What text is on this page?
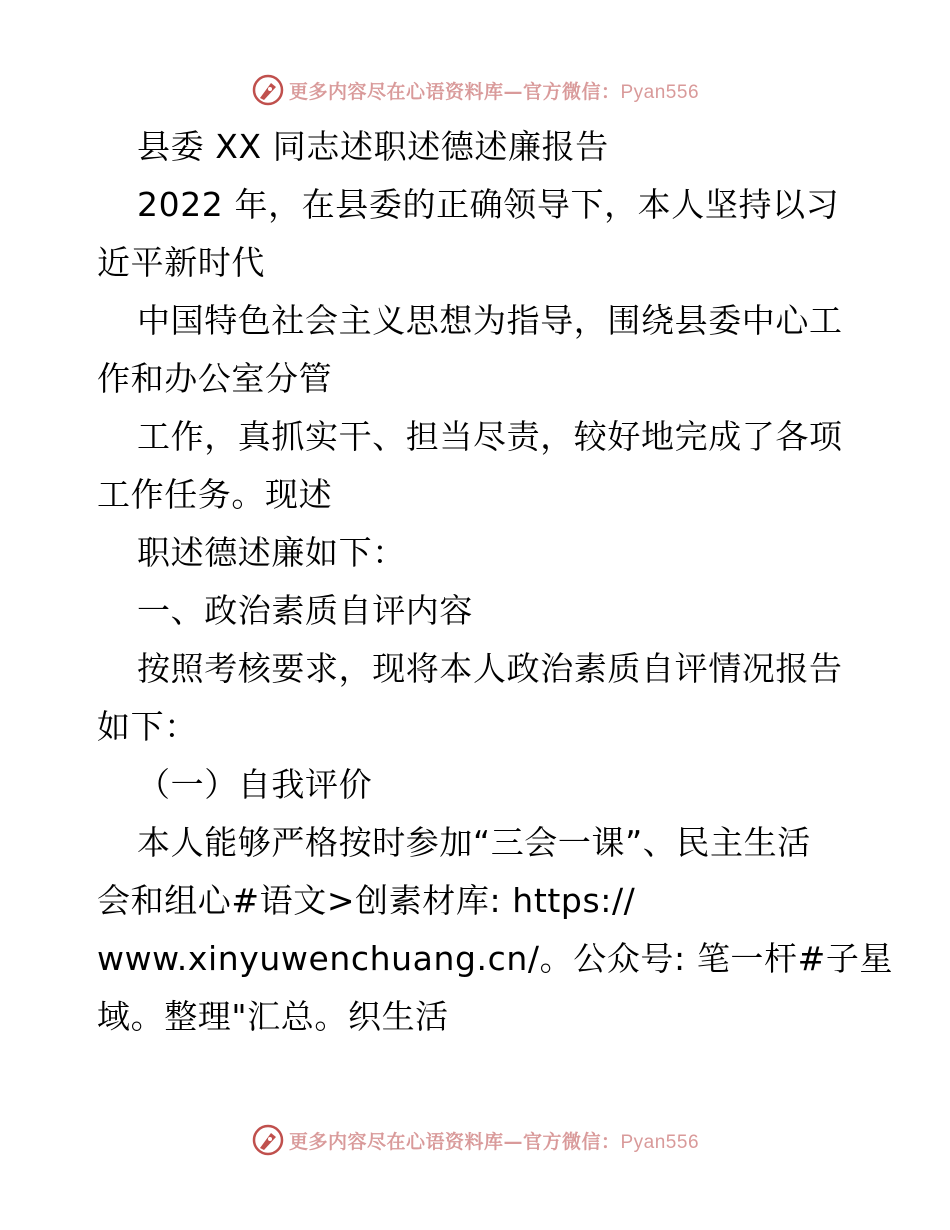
更多内容尽在心语资料库—官方微信：Pyan556
县委 XX 同志述职述德述廉报告
2022 年，在县委的正确领导下，本人坚持以习
近平新时代
中国特色社会主义思想为指导，围绕县委中心工
作和办公室分管
工作，真抓实干、担当尽责，较好地完成了各项
工作任务。现述
职述德述廉如下：
一、政治素质自评内容
按照考核要求，现将本人政治素质自评情况报告
如下：
（一）自我评价
本人能够严格按时参加“三会一课”、民主生活
会和组心#语文>创素材库: https://
www.xinyuwenchuang.cn/。公众号: 笔一杆#子星
域。整理"汇总。织生活
更多内容尽在心语资料库—官方微信：Pyan556
